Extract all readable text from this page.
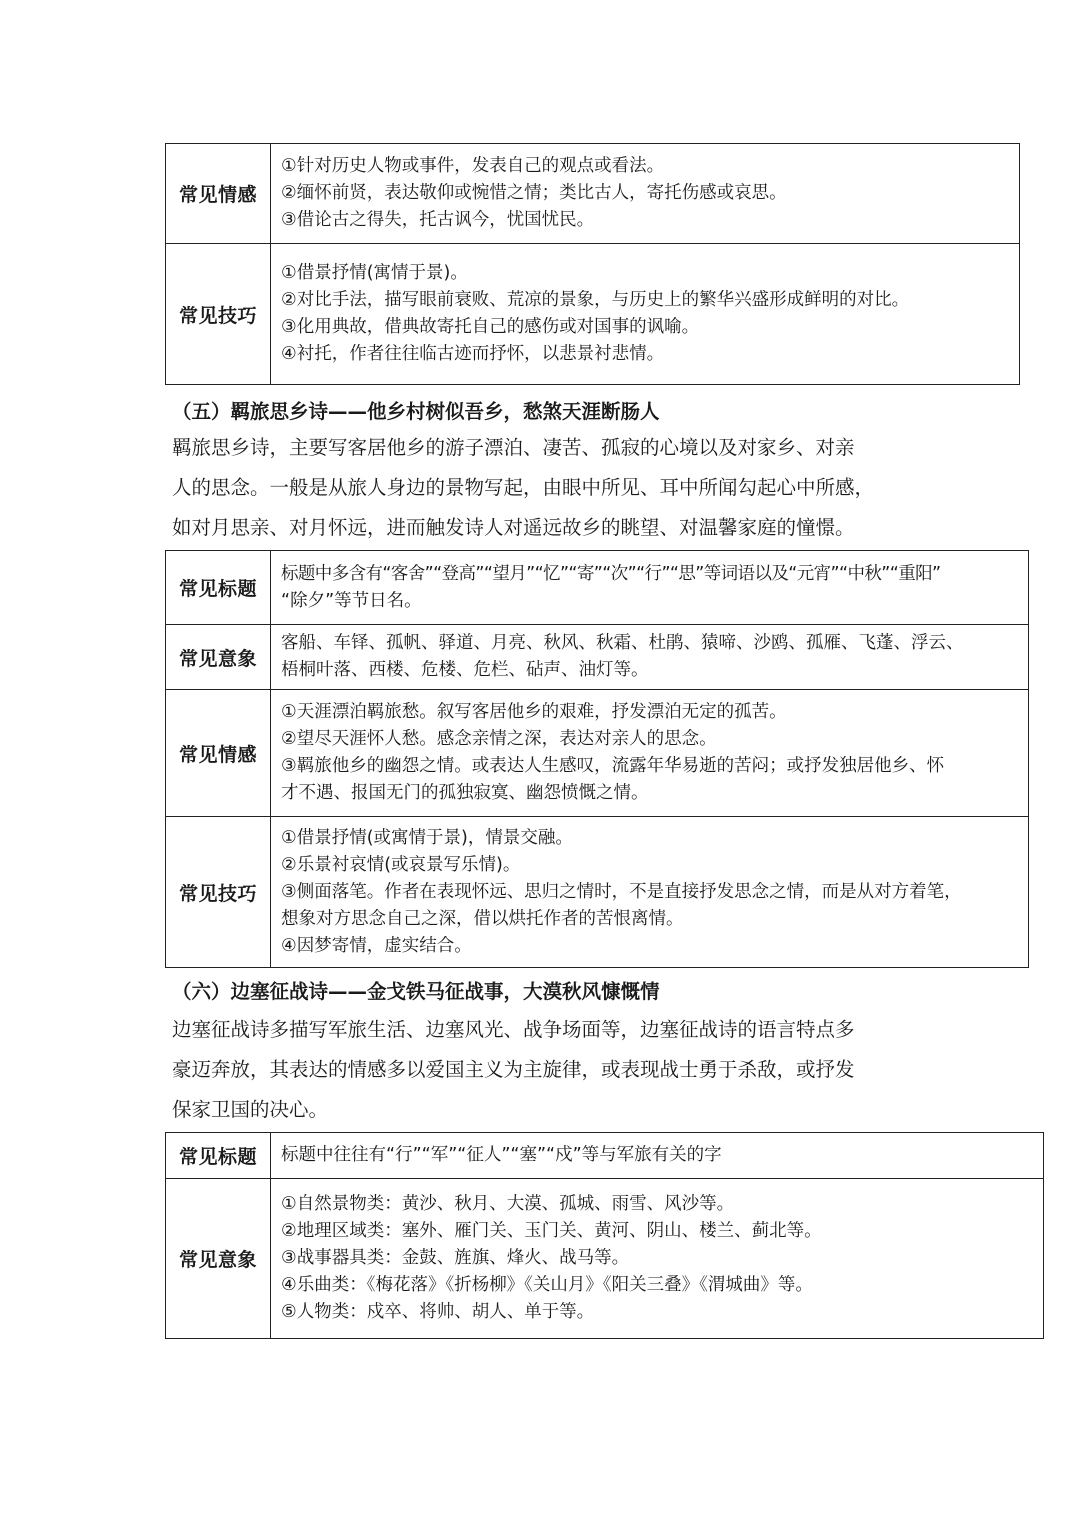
常见情感	①针对历史人物或事件，发表自己的观点或看法。
②缅怀前贤，表达敬仰或惋惜之情；类比古人，寄托伤感或哀思。
③借论古之得失，托古讽今，忧国忧民。

常见技巧	①借景抒情(寓情于景)。
②对比手法，描写眼前衰败、荒凉的景象，与历史上的繁华兴盛形成鲜明的对比。
③化用典故，借典故寄托自己的感伤或对国事的讽喻。
④衬托，作者往往临古迹而抒怀，以悲景衬悲情。
（五）羁旅思乡诗——他乡村树似吾乡，愁煞天涯断肠人
羁旅思乡诗，主要写客居他乡的游子漂泊、凄苦、孤寂的心境以及对家乡、对亲
人的思念。一般是从旅人身边的景物写起，由眼中所见、耳中所闻勾起心中所感，
如对月思亲、对月怀远，进而触发诗人对遥远故乡的眺望、对温馨家庭的憧憬。
常见标题	标题中多含有“客舍”“登高”“望月”“忆”“寄”“次”“行”“思”等词语以及“元宵”“中秋”“重阳”
“除夕”等节日名。

常见意象	客船、车铎、孤帆、驿道、月亮、秋风、秋霜、杜鹃、猿啼、沙鸥、孤雁、飞蓬、浮云、
梧桐叶落、西楼、危楼、危栏、砧声、油灯等。

常见情感	①天涯漂泊羁旅愁。叙写客居他乡的艰难，抒发漂泊无定的孤苦。
②望尽天涯怀人愁。感念亲情之深，表达对亲人的思念。
③羁旅他乡的幽怨之情。或表达人生感叹，流露年华易逝的苦闷；或抒发独居他乡、怀
才不遇、报国无门的孤独寂寞、幽怨愤慨之情。

常见技巧	①借景抒情(或寓情于景)，情景交融。
②乐景衬哀情(或哀景写乐情)。
③侧面落笔。作者在表现怀远、思归之情时，不是直接抒发思念之情，而是从对方着笔，
想象对方思念自己之深，借以烘托作者的苦恨离情。
④因梦寄情，虚实结合。
（六）边塞征战诗——金戈铁马征战事，大漠秋风慷慨情
边塞征战诗多描写军旅生活、边塞风光、战争场面等，边塞征战诗的语言特点多
豪迈奔放，其表达的情感多以爱国主义为主旋律，或表现战士勇于杀敌，或抒发
保家卫国的决心。
常见标题	标题中往往有“行”“军”“征人”“塞”“戍”等与军旅有关的字

常见意象	①自然景物类：黄沙、秋月、大漠、孤城、雨雪、风沙等。
②地理区域类：塞外、雁门关、玉门关、黄河、阴山、楼兰、蓟北等。
③战事器具类：金鼓、旌旗、烽火、战马等。
④乐曲类：《梅花落》《折杨柳》《关山月》《阳关三叠》《渭城曲》等。
⑤人物类：戍卒、将帅、胡人、单于等。
